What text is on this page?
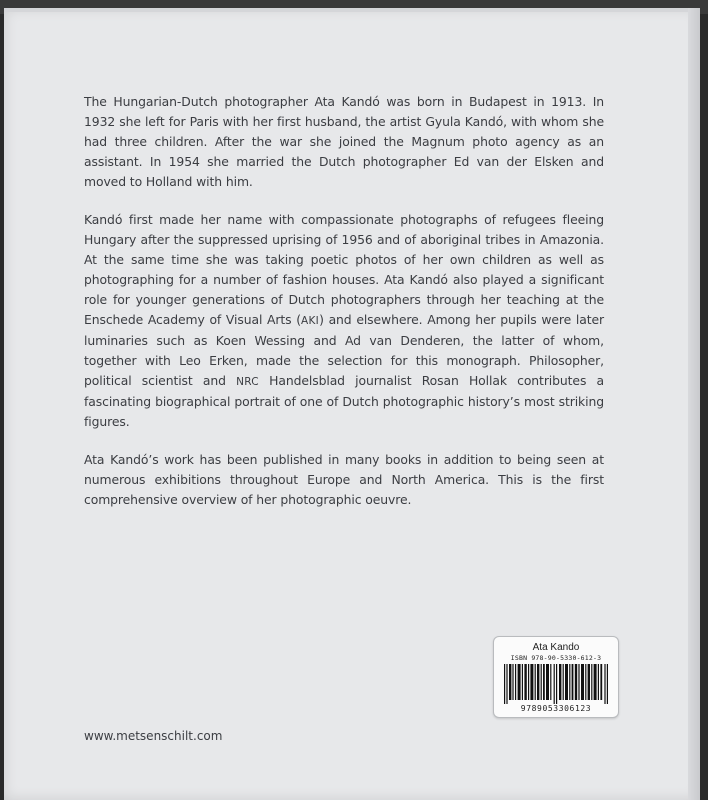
The Hungarian-Dutch photographer Ata Kandó was born in Budapest in 1913. In 1932 she left for Paris with her first husband, the artist Gyula Kandó, with whom she had three children. After the war she joined the Magnum photo agency as an assistant. In 1954 she married the Dutch photographer Ed van der Elsken and moved to Holland with him.

Kandó first made her name with compassionate photographs of refugees fleeing Hungary after the suppressed uprising of 1956 and of aboriginal tribes in Amazonia. At the same time she was taking poetic photos of her own children as well as photographing for a number of fashion houses. Ata Kandó also played a significant role for younger generations of Dutch photographers through her teaching at the Enschede Academy of Visual Arts (AKI) and elsewhere. Among her pupils were later luminaries such as Koen Wessing and Ad van Denderen, the latter of whom, together with Leo Erken, made the selection for this monograph. Philosopher, political scientist and NRC Handelsblad journalist Rosan Hollak contributes a fascinating biographical portrait of one of Dutch photographic history’s most striking figures.

Ata Kandó’s work has been published in many books in addition to being seen at numerous exhibitions throughout Europe and North America. This is the first comprehensive overview of her photographic oeuvre.

www.metsenschilt.com
Ata Kando
ISBN 978-90-5330-612-3
9789053306123
